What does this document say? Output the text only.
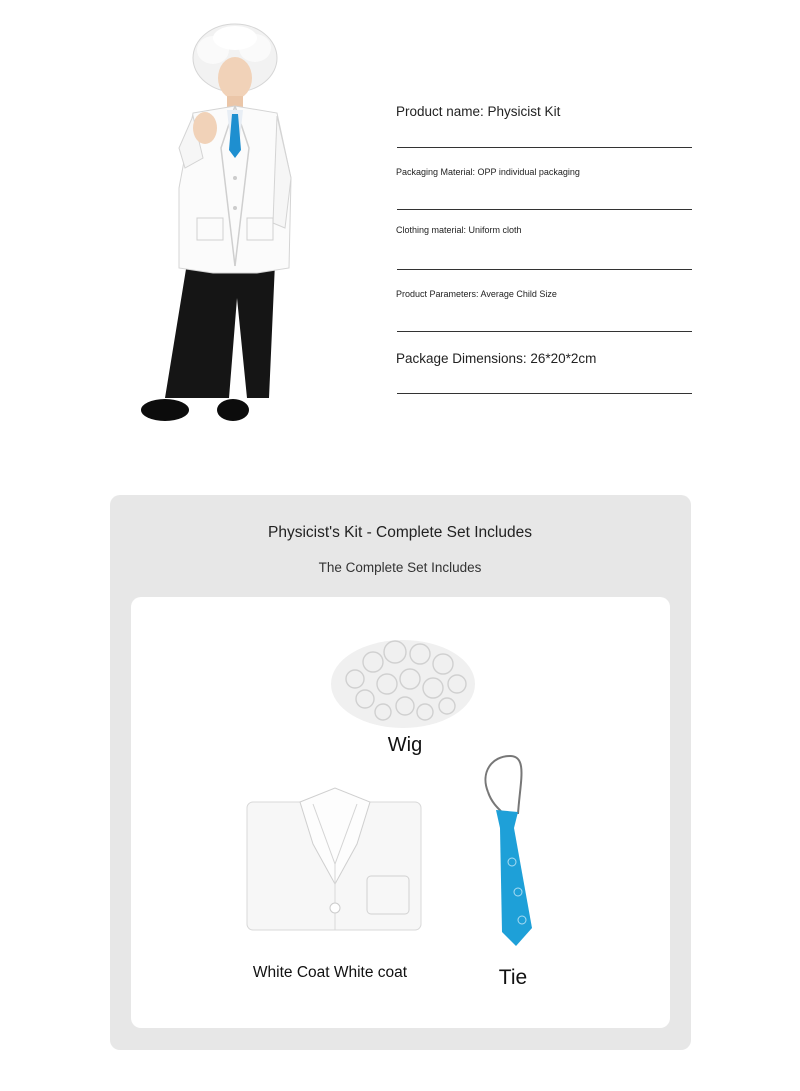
Product name: Physicist Kit
Packaging Material: OPP individual packaging
Clothing material: Uniform cloth
Product Parameters: Average Child Size
Package Dimensions: 26*20*2cm
Physicist's Kit - Complete Set Includes
The Complete Set Includes
Wig
White Coat White coat	Tie
